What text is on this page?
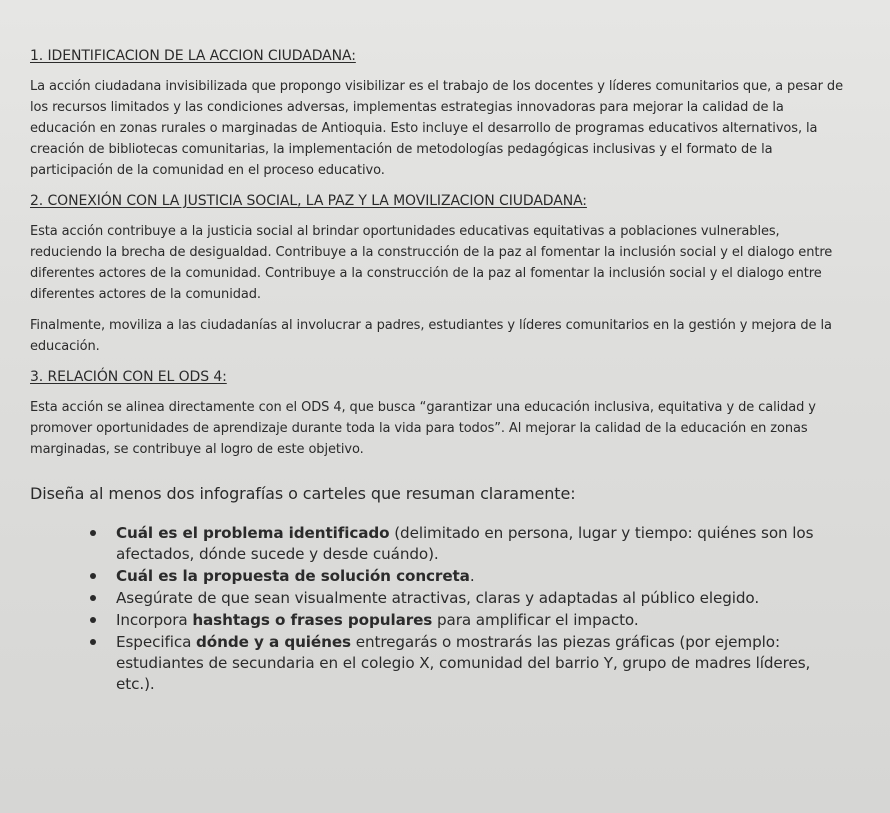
1. IDENTIFICACION DE LA ACCION CIUDADANA:

La acción ciudadana invisibilizada que propongo visibilizar es el trabajo de los docentes y líderes comunitarios que, a pesar de los recursos limitados y las condiciones adversas, implementas estrategias innovadoras para mejorar la calidad de la educación en zonas rurales o marginadas de Antioquia. Esto incluye el desarrollo de programas educativos alternativos, la creación de bibliotecas comunitarias, la implementación de metodologías pedagógicas inclusivas y el formato de la participación de la comunidad en el proceso educativo.

2. CONEXIÓN CON LA JUSTICIA SOCIAL, LA PAZ Y LA MOVILIZACION CIUDADANA:

Esta acción contribuye a la justicia social al brindar oportunidades educativas equitativas a poblaciones vulnerables, reduciendo la brecha de desigualdad. Contribuye a la construcción de la paz al fomentar la inclusión social y el dialogo entre diferentes actores de la comunidad. Contribuye a la construcción de la paz al fomentar la inclusión social y el dialogo entre diferentes actores de la comunidad.

Finalmente, moviliza a las ciudadanías al involucrar a padres, estudiantes y líderes comunitarios en la gestión y mejora de la educación.

3. RELACIÓN CON EL ODS 4:

Esta acción se alinea directamente con el ODS 4, que busca “garantizar una educación inclusiva, equitativa y de calidad y promover oportunidades de aprendizaje durante toda la vida para todos”. Al mejorar la calidad de la educación en zonas marginadas, se contribuye al logro de este objetivo.

Diseña al menos dos infografías o carteles que resuman claramente:
Cuál es el problema identificado (delimitado en persona, lugar y tiempo: quiénes son los afectados, dónde sucede y desde cuándo).
Cuál es la propuesta de solución concreta.
Asegúrate de que sean visualmente atractivas, claras y adaptadas al público elegido.
Incorpora hashtags o frases populares para amplificar el impacto.
Especifica dónde y a quiénes entregarás o mostrarás las piezas gráficas (por ejemplo: estudiantes de secundaria en el colegio X, comunidad del barrio Y, grupo de madres líderes, etc.).
